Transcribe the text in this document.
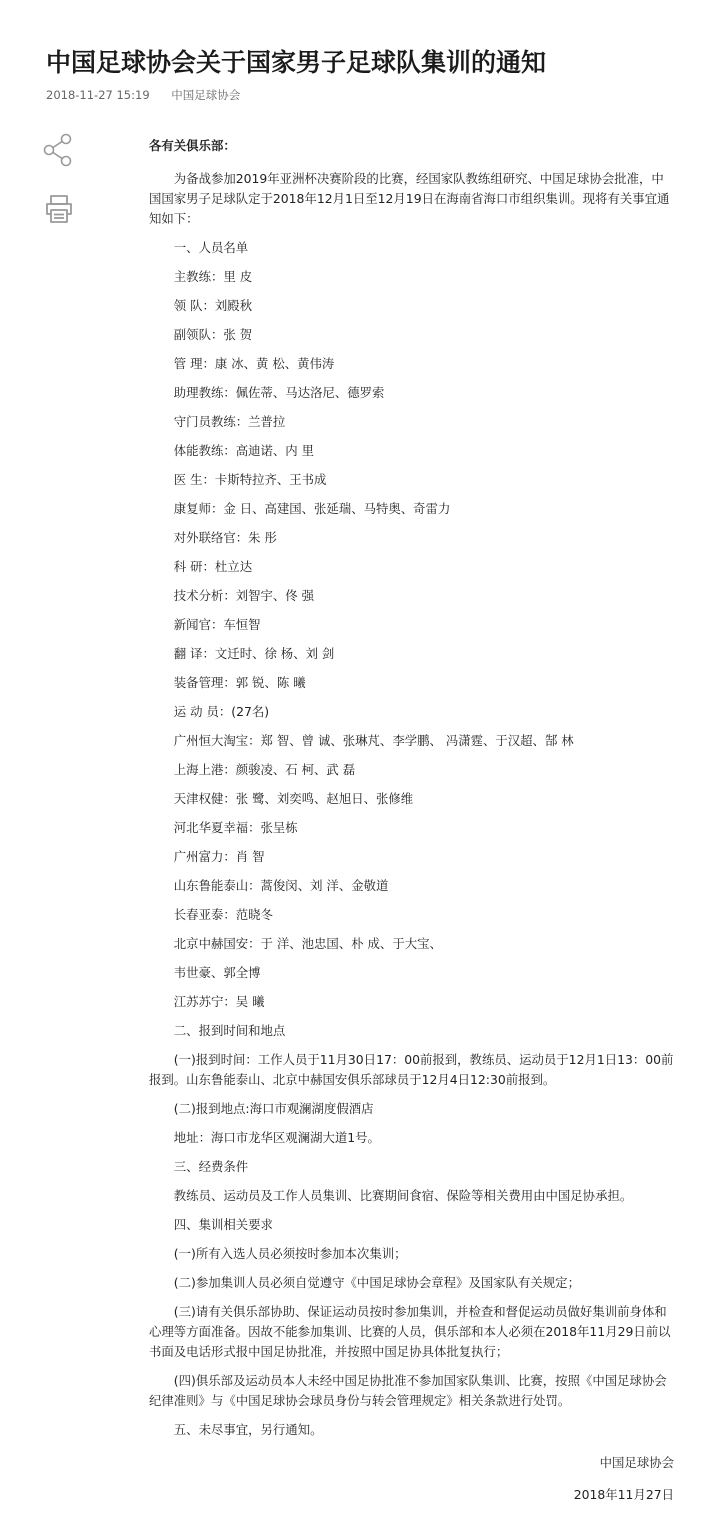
中国足球协会关于国家男子足球队集训的通知
2018-11-27 15:19 中国足球协会

各有关俱乐部：

为备战参加2019年亚洲杯决赛阶段的比赛，经国家队教练组研究、中国足球协会批准，中国国家男子足球队定于2018年12月1日至12月19日在海南省海口市组织集训。现将有关事宜通知如下：

一、人员名单

主教练：里 皮

领 队：刘殿秋

副领队：张 贺

管 理：康 冰、黄 松、黄伟涛

助理教练：佩佐蒂、马达洛尼、德罗索

守门员教练：兰普拉

体能教练：高迪诺、内 里

医 生：卡斯特拉齐、王书成

康复师：金 日、高建国、张延瑞、马特奥、奇雷力

对外联络官：朱 彤

科 研：杜立达

技术分析：刘智宇、佟 强

新闻官：车恒智

翻 译：文迁时、徐 杨、刘 剑

装备管理：郭 锐、陈 曦

运 动 员：(27名)

广州恒大淘宝：郑 智、曾 诚、张琳芃、李学鹏、 冯潇霆、于汉超、郜 林

上海上港：颜骏凌、石 柯、武 磊

天津权健：张 鹭、刘奕鸣、赵旭日、张修维

河北华夏幸福：张呈栋

广州富力：肖 智

山东鲁能泰山：蒿俊闵、刘 洋、金敬道

长春亚泰：范晓冬

北京中赫国安：于 洋、池忠国、朴 成、于大宝、

韦世豪、郭全博

江苏苏宁：吴 曦

二、报到时间和地点

(一)报到时间：工作人员于11月30日17：00前报到，教练员、运动员于12月1日13：00前报到。山东鲁能泰山、北京中赫国安俱乐部球员于12月4日12:30前报到。

(二)报到地点:海口市观澜湖度假酒店

地址：海口市龙华区观澜湖大道1号。

三、经费条件

教练员、运动员及工作人员集训、比赛期间食宿、保险等相关费用由中国足协承担。

四、集训相关要求

(一)所有入选人员必须按时参加本次集训；

(二)参加集训人员必须自觉遵守《中国足球协会章程》及国家队有关规定；

(三)请有关俱乐部协助、保证运动员按时参加集训，并检查和督促运动员做好集训前身体和心理等方面准备。因故不能参加集训、比赛的人员，俱乐部和本人必须在2018年11月29日前以书面及电话形式报中国足协批准，并按照中国足协具体批复执行；

(四)俱乐部及运动员本人未经中国足协批准不参加国家队集训、比赛，按照《中国足球协会纪律准则》与《中国足球协会球员身份与转会管理规定》相关条款进行处罚。

五、未尽事宜，另行通知。

中国足球协会

2018年11月27日
